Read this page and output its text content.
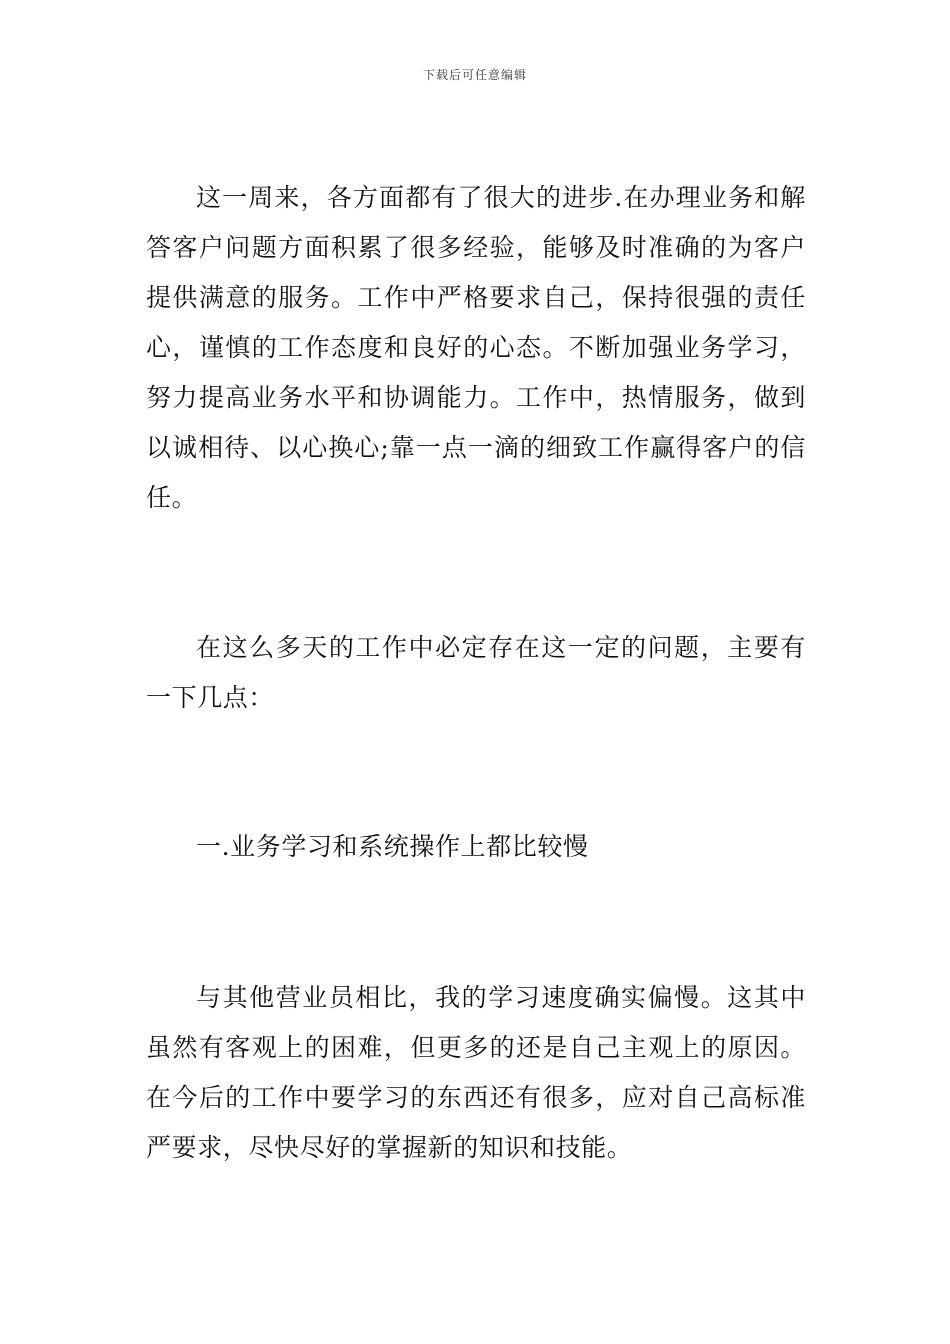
下载后可任意编辑

这一周来，各方面都有了很大的进步.在办理业务和解答客户问题方面积累了很多经验，能够及时准确的为客户提供满意的服务。工作中严格要求自己，保持很强的责任心，谨慎的工作态度和良好的心态。不断加强业务学习，努力提高业务水平和协调能力。工作中，热情服务，做到以诚相待、以心换心;靠一点一滴的细致工作赢得客户的信任。

在这么多天的工作中必定存在这一定的问题，主要有一下几点：

一.业务学习和系统操作上都比较慢

与其他营业员相比，我的学习速度确实偏慢。这其中虽然有客观上的困难，但更多的还是自己主观上的原因。在今后的工作中要学习的东西还有很多，应对自己高标准严要求，尽快尽好的掌握新的知识和技能。
